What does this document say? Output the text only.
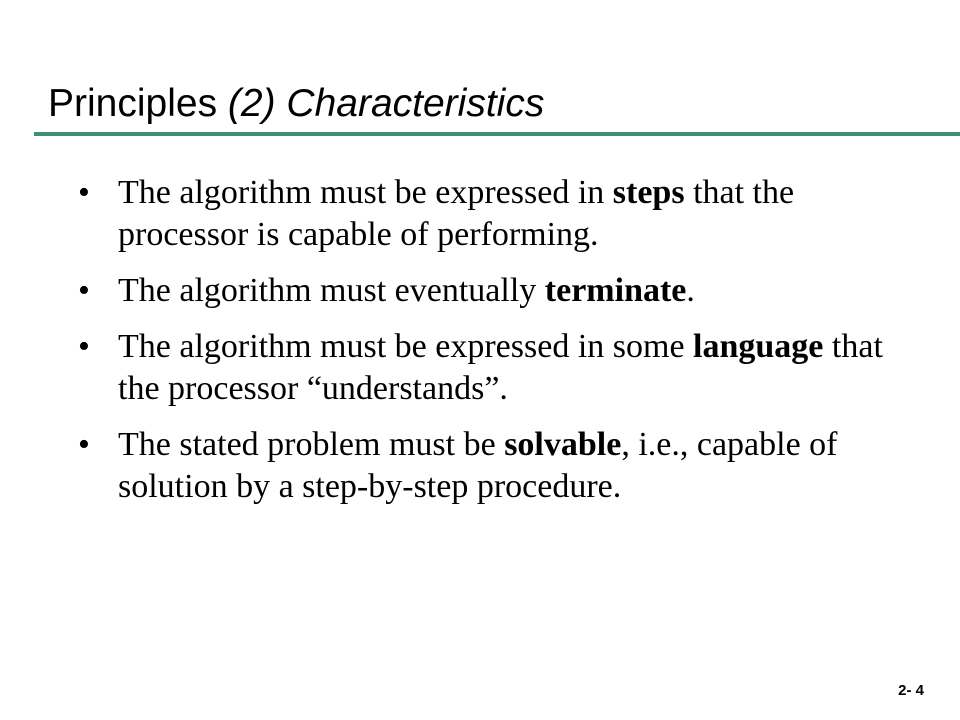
Principles (2) Characteristics
• The algorithm must be expressed in steps that the processor is capable of performing.
• The algorithm must eventually terminate.
• The algorithm must be expressed in some language that the processor “understands”.
• The stated problem must be solvable, i.e., capable of solution by a step-by-step procedure.
2- 4
